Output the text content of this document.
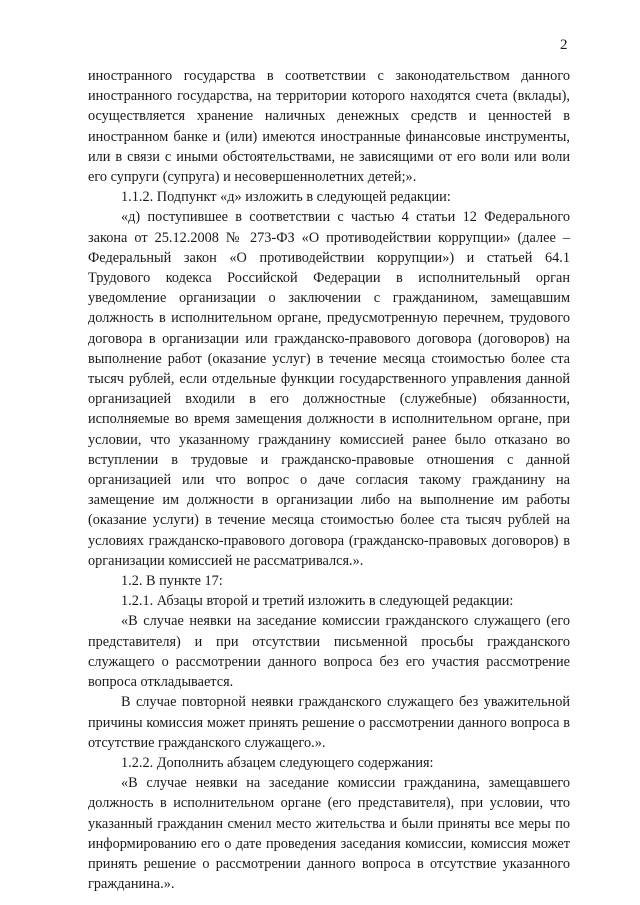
2

иностранного государства в соответствии с законодательством данного иностранного государства, на территории которого находятся счета (вклады), осуществляется хранение наличных денежных средств и ценностей в иностранном банке и (или) имеются иностранные финансовые инструменты, или в связи с иными обстоятельствами, не зависящими от его воли или воли его супруги (супруга) и несовершеннолетних детей;».

1.1.2. Подпункт «д» изложить в следующей редакции:

«д) поступившее в соответствии с частью 4 статьи 12 Федерального закона от 25.12.2008 № 273-ФЗ «О противодействии коррупции» (далее – Федеральный закон «О противодействии коррупции») и статьей 64.1 Трудового кодекса Российской Федерации в исполнительный орган уведомление организации о заключении с гражданином, замещавшим должность в исполнительном органе, предусмотренную перечнем, трудового договора в организации или гражданско-правового договора (договоров) на выполнение работ (оказание услуг) в течение месяца стоимостью более ста тысяч рублей, если отдельные функции государственного управления данной организацией входили в его должностные (служебные) обязанности, исполняемые во время замещения должности в исполнительном органе, при условии, что указанному гражданину комиссией ранее было отказано во вступлении в трудовые и гражданско-правовые отношения с данной организацией или что вопрос о даче согласия такому гражданину на замещение им должности в организации либо на выполнение им работы (оказание услуги) в течение месяца стоимостью более ста тысяч рублей на условиях гражданско-правового договора (гражданско-правовых договоров) в организации комиссией не рассматривался.».

1.2. В пункте 17:

1.2.1. Абзацы второй и третий изложить в следующей редакции:

«В случае неявки на заседание комиссии гражданского служащего (его представителя) и при отсутствии письменной просьбы гражданского служащего о рассмотрении данного вопроса без его участия рассмотрение вопроса откладывается.

В случае повторной неявки гражданского служащего без уважительной причины комиссия может принять решение о рассмотрении данного вопроса в отсутствие гражданского служащего.».

1.2.2. Дополнить абзацем следующего содержания:

«В случае неявки на заседание комиссии гражданина, замещавшего должность в исполнительном органе (его представителя), при условии, что указанный гражданин сменил место жительства и были приняты все меры по информированию его о дате проведения заседания комиссии, комиссия может принять решение о рассмотрении данного вопроса в отсутствие указанного гражданина.».
